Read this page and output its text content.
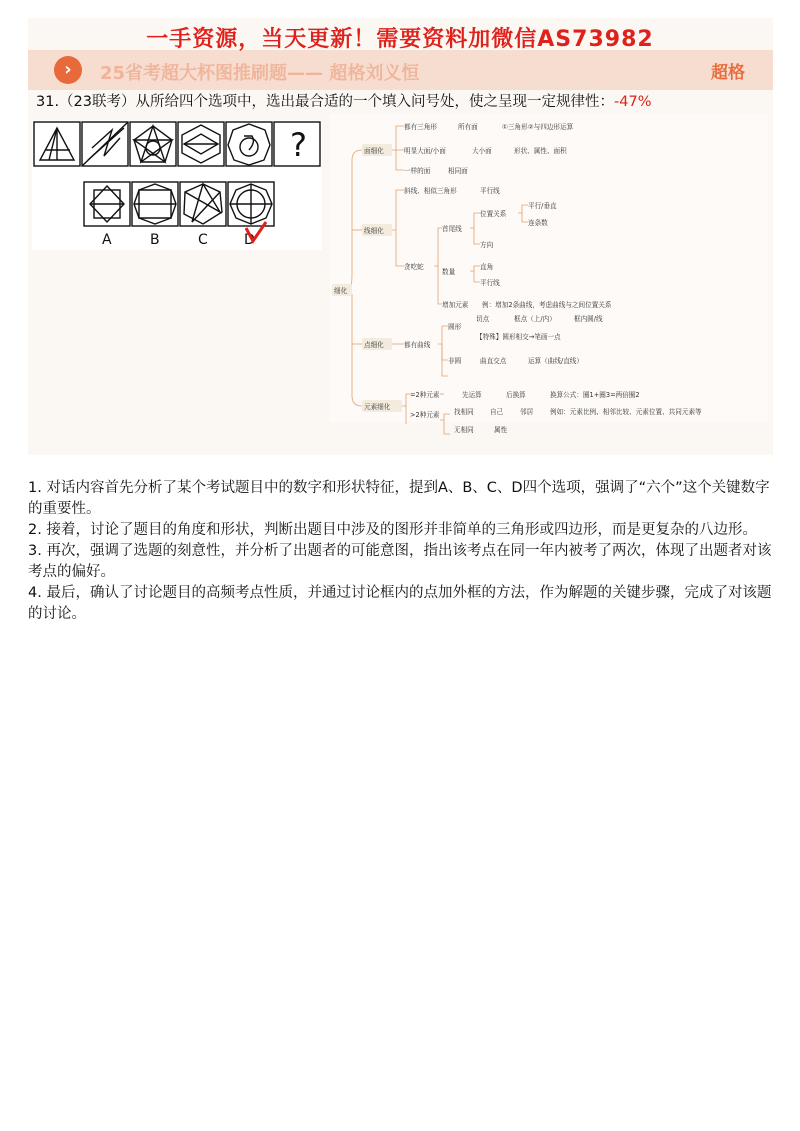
一手资源，当天更新！需要资料加微信AS73982
›	25省考超大杯图推刷题—— 超格刘义恒	超格
31.（23联考）从所给四个选项中，选出最合适的一个填入问号处，使之呈现一定规律性：-47%
?
A	B	C	D
细化
面细化
都有三角形	所有面	①三角形②与四边形运算
明显大面/小面	大小面	形状、属性、面积
一样的面	相同面
线细化
斜线、相似三角形	平行线
贪吃蛇
首尾线
位置关系
平行/垂直
连条数
方向
数量
直角
平行线
增加元素 例：增加2条曲线，考虑曲线与之间位置关系
点细化	都有曲线
圆形
切点	框点（上/内）	框内圆/线
【特殊】圆形相交→笔画一点
非圆	曲直交点	运算（曲线/直线）
元素细化
=2种元素	先运算	后换算	换算公式：圈1+圈3=两倍圈2
>2种元素 找相同 自己	邻居	例如：元素比例、相邻比较、元素位置、共同元素等
无相同	属性

1. 对话内容首先分析了某个考试题目中的数字和形状特征，提到A、B、C、D四个选项，强调了“六个”这个关键数字的重要性。

2. 接着，讨论了题目的角度和形状，判断出题目中涉及的图形并非简单的三角形或四边形，而是更复杂的八边形。

3. 再次，强调了选题的刻意性，并分析了出题者的可能意图，指出该考点在同一年内被考了两次，体现了出题者对该考点的偏好。

4. 最后，确认了讨论题目的高频考点性质，并通过讨论框内的点加外框的方法，作为解题的关键步骤，完成了对该题的讨论。
